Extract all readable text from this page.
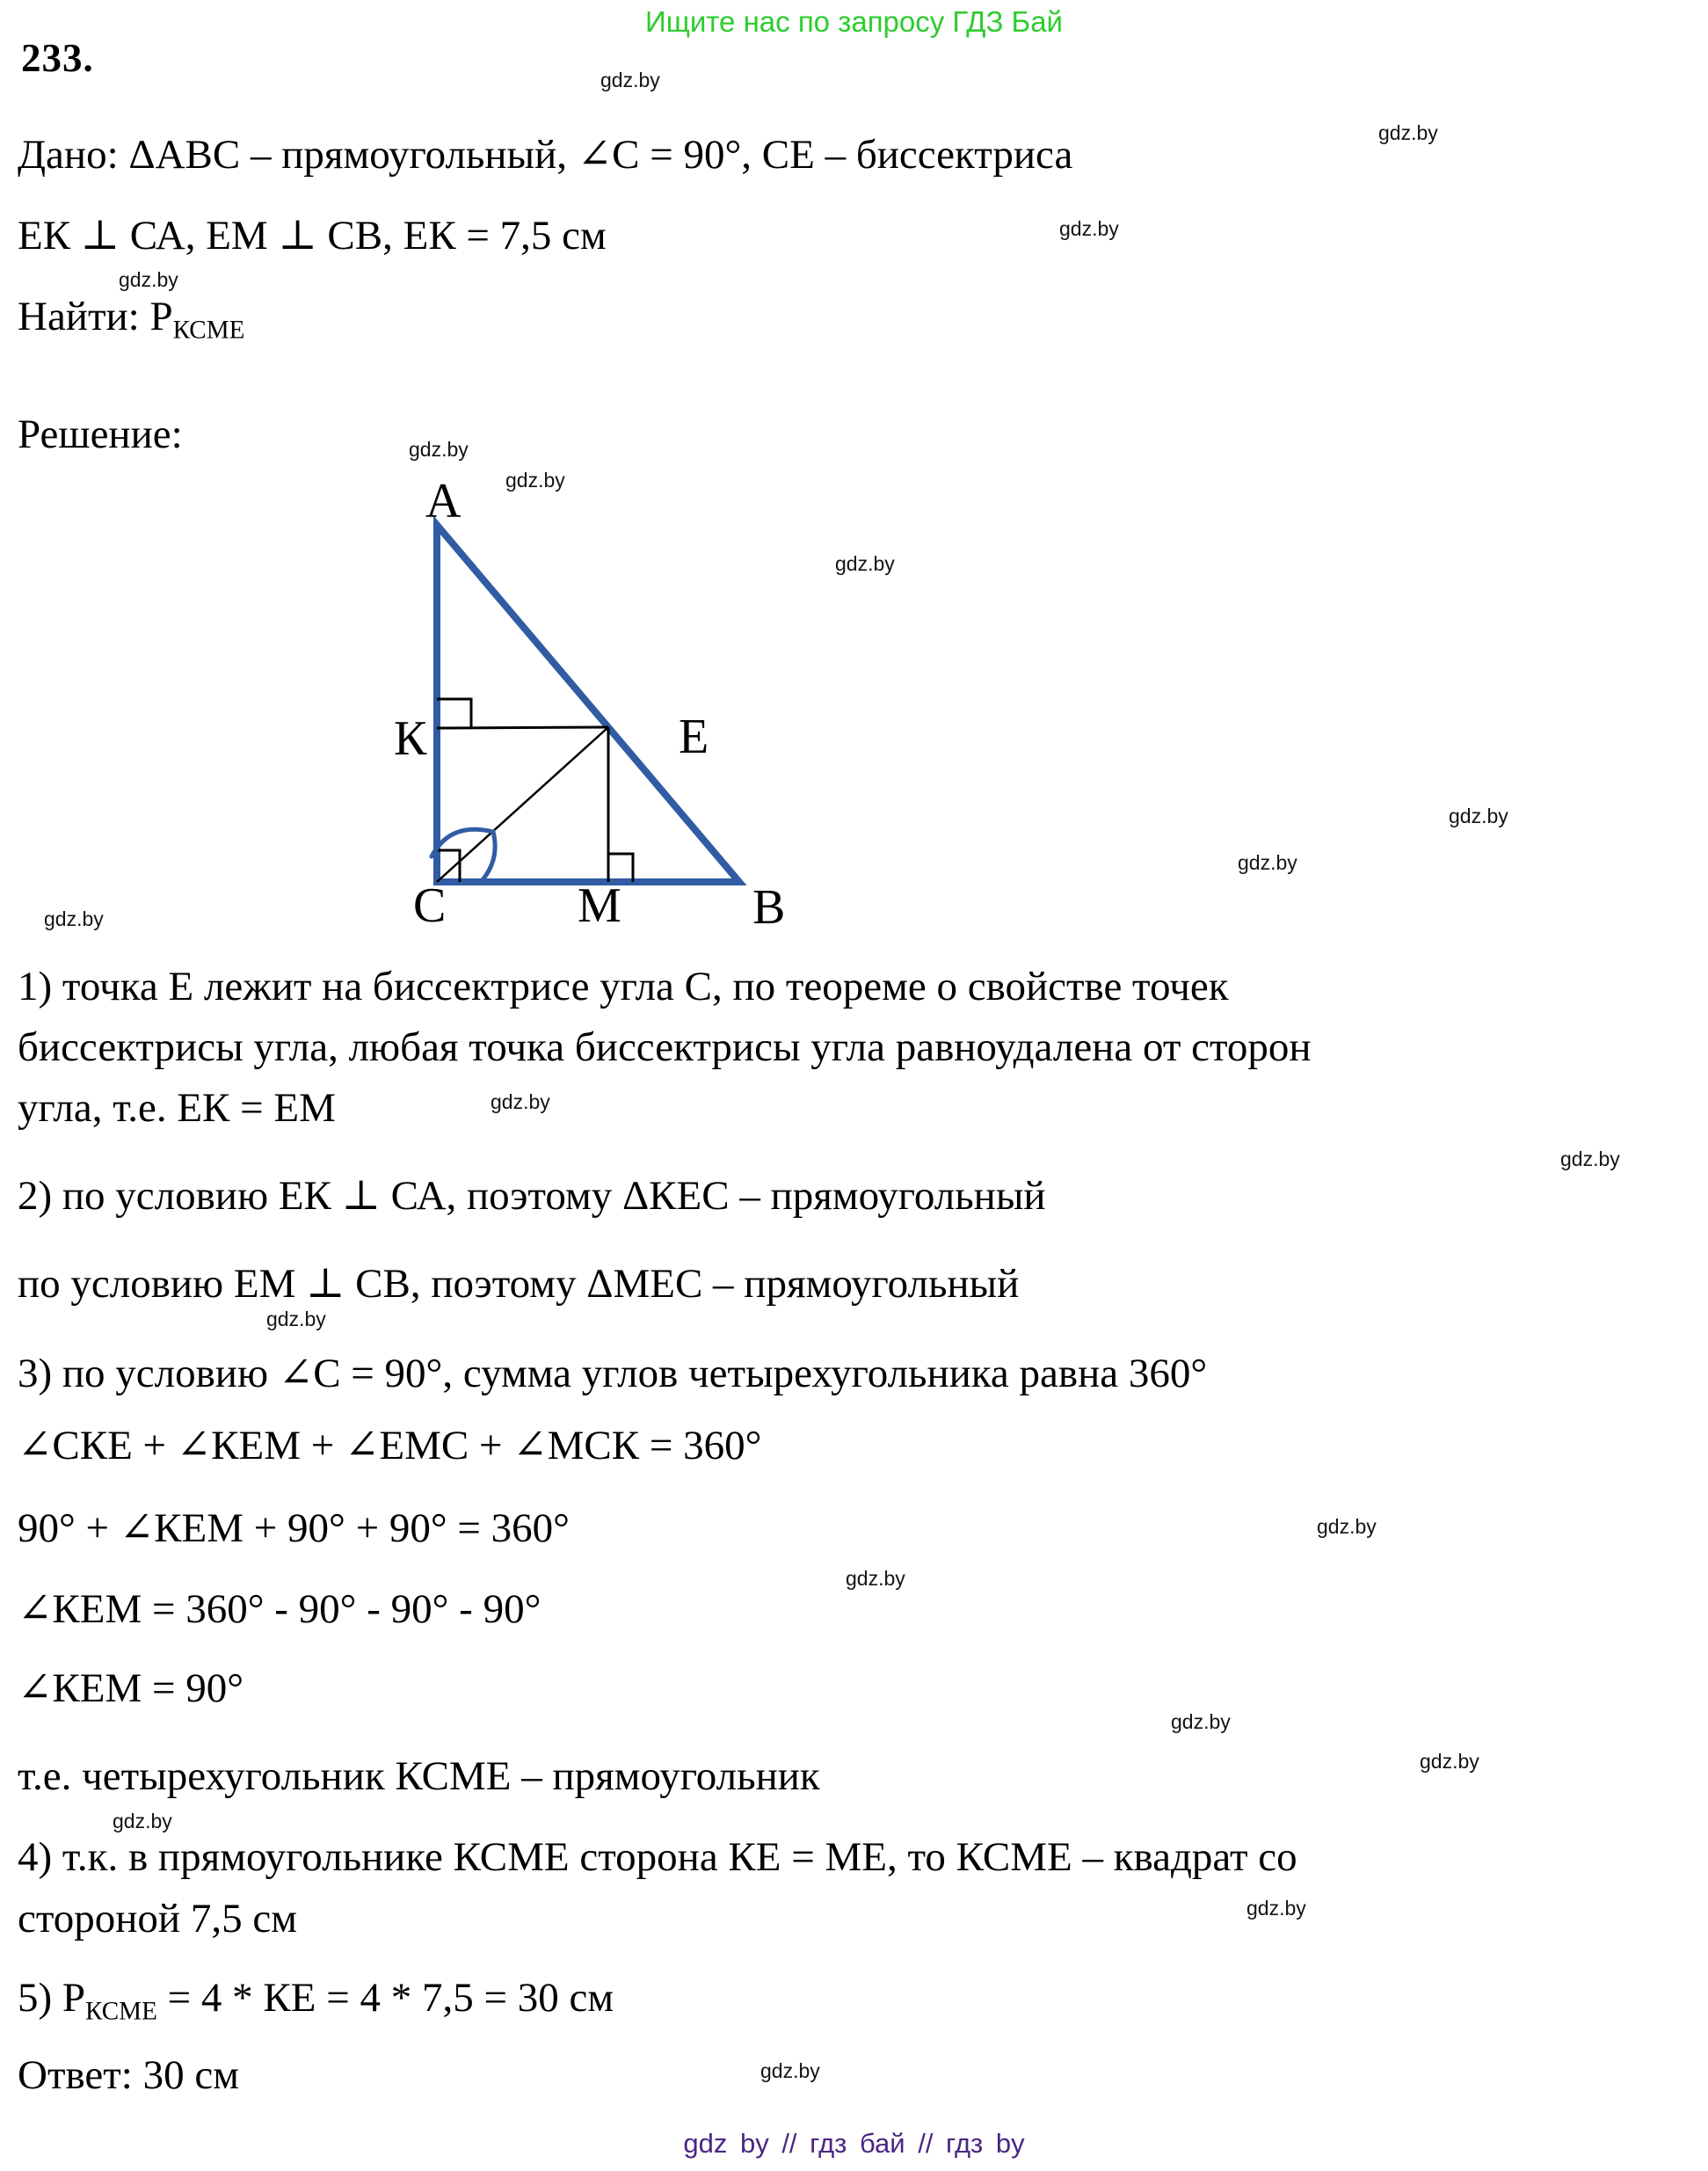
Ищите нас по запросу ГДЗ Бай
233.
Дано: ΔАВС – прямоугольный, ∠С = 90°, СЕ – биссектриса
ЕК ⊥ СА, ЕМ ⊥ СВ, ЕК = 7,5 см
Найти: $Р_{КСМЕ}$
Решение:
А
К	Е
С	М	В
1) точка Е лежит на биссектрисе угла С, по теореме о свойстве точек
биссектрисы угла, любая точка биссектрисы угла равноудалена от сторон
угла, т.е. ЕК = ЕМ
2) по условию ЕК ⊥ СА, поэтому ΔКЕС – прямоугольный
по условию ЕМ ⊥ СВ, поэтому ΔМЕС – прямоугольный
3) по условию ∠С = 90°, сумма углов четырехугольника равна 360°
∠СКЕ + ∠КЕМ + ∠ЕМС + ∠МСК = 360°
90° + ∠КЕМ + 90° + 90° = 360°
∠КЕМ = 360° - 90° - 90° - 90°
∠КЕМ = 90°
т.е. четырехугольник КСМЕ – прямоугольник
4) т.к. в прямоугольнике КСМЕ сторона КЕ = МЕ, то КСМЕ – квадрат со
стороной 7,5 см
5) $Р_{КСМЕ} = 4$ * КЕ = 4 * 7,5 = 30 см
Ответ: 30 см
gdz.by
gdz.by
gdz.by
gdz.by
gdz.by
gdz.by
gdz.by
gdz.by
gdz.by
gdz.by
gdz.by
gdz.by
gdz.by
gdz.by
gdz.by
gdz.by
gdz.by
gdz.by
gdz.by
gdz.by
gdz by // гдз бай // гдз by
